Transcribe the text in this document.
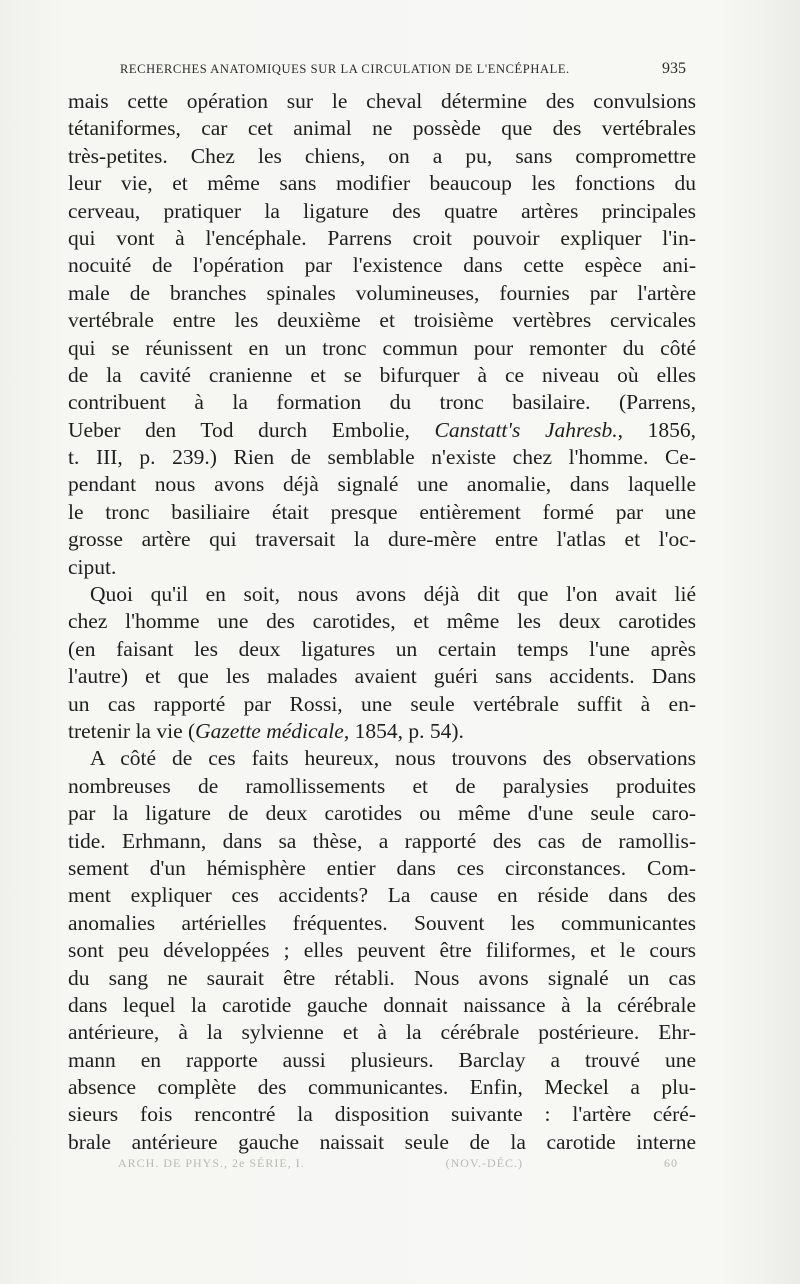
RECHERCHES ANATOMIQUES SUR LA CIRCULATION DE L'ENCÉPHALE.	935
mais cette opération sur le cheval détermine des convulsions
tétaniformes, car cet animal ne possède que des vertébrales
très-petites. Chez les chiens, on a pu, sans compromettre
leur vie, et même sans modifier beaucoup les fonctions du
cerveau, pratiquer la ligature des quatre artères principales
qui vont à l'encéphale. Parrens croit pouvoir expliquer l'in-
nocuité de l'opération par l'existence dans cette espèce ani-
male de branches spinales volumineuses, fournies par l'artère
vertébrale entre les deuxième et troisième vertèbres cervicales
qui se réunissent en un tronc commun pour remonter du côté
de la cavité cranienne et se bifurquer à ce niveau où elles
contribuent à la formation du tronc basilaire. (Parrens,
Ueber den Tod durch Embolie, Canstatt's Jahresb., 1856,
t. III, p. 239.) Rien de semblable n'existe chez l'homme. Ce-
pendant nous avons déjà signalé une anomalie, dans laquelle
le tronc basiliaire était presque entièrement formé par une
grosse artère qui traversait la dure-mère entre l'atlas et l'oc-
ciput.
Quoi qu'il en soit, nous avons déjà dit que l'on avait lié
chez l'homme une des carotides, et même les deux carotides
(en faisant les deux ligatures un certain temps l'une après
l'autre) et que les malades avaient guéri sans accidents. Dans
un cas rapporté par Rossi, une seule vertébrale suffit à en-
tretenir la vie (Gazette médicale, 1854, p. 54).
A côté de ces faits heureux, nous trouvons des observations
nombreuses de ramollissements et de paralysies produites
par la ligature de deux carotides ou même d'une seule caro-
tide. Erhmann, dans sa thèse, a rapporté des cas de ramollis-
sement d'un hémisphère entier dans ces circonstances. Com-
ment expliquer ces accidents? La cause en réside dans des
anomalies artérielles fréquentes. Souvent les communicantes
sont peu développées ; elles peuvent être filiformes, et le cours
du sang ne saurait être rétabli. Nous avons signalé un cas
dans lequel la carotide gauche donnait naissance à la cérébrale
antérieure, à la sylvienne et à la cérébrale postérieure. Ehr-
mann en rapporte aussi plusieurs. Barclay a trouvé une
absence complète des communicantes. Enfin, Meckel a plu-
sieurs fois rencontré la disposition suivante : l'artère céré-
brale antérieure gauche naissait seule de la carotide interne
ARCH. DE PHYS., 2e SÉRIE, I.	(NOV.-DÉC.)	60
